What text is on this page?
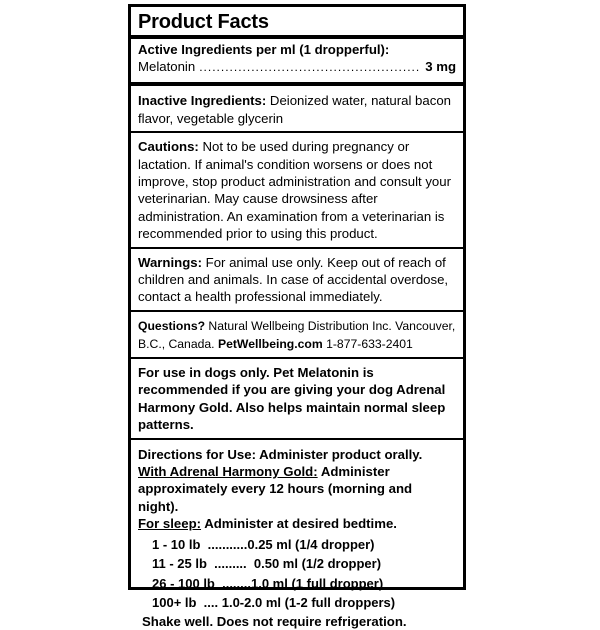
Product Facts
Active Ingredients per ml (1 dropperful):
Melatonin
.....	3 mg
Inactive Ingredients: Deionized water, natural bacon flavor, vegetable glycerin
Cautions: Not to be used during pregnancy or lactation. If animal's condition worsens or does not improve, stop product administration and consult your veterinarian. May cause drowsiness after administration. An examination from a veterinarian is recommended prior to using this product.
Warnings: For animal use only. Keep out of reach of children and animals. In case of accidental overdose, contact a health professional immediately.
Questions? Natural Wellbeing Distribution Inc. Vancouver, B.C., Canada. PetWellbeing.com 1-877-633-2401
For use in dogs only. Pet Melatonin is recommended if you are giving your dog Adrenal Harmony Gold. Also helps maintain normal sleep patterns.
Directions for Use: Administer product orally.
With Adrenal Harmony Gold: Administer approximately every 12 hours (morning and night).
For sleep: Administer at desired bedtime.
1 - 10 lb  ...........0.25 ml (1/4 dropper)
11 - 25 lb  .........  0.50 ml (1/2 dropper)
26 - 100 lb  ........1.0 ml (1 full dropper)
100+ lb  .... 1.0-2.0 ml (1-2 full droppers)
Shake well. Does not require refrigeration.
